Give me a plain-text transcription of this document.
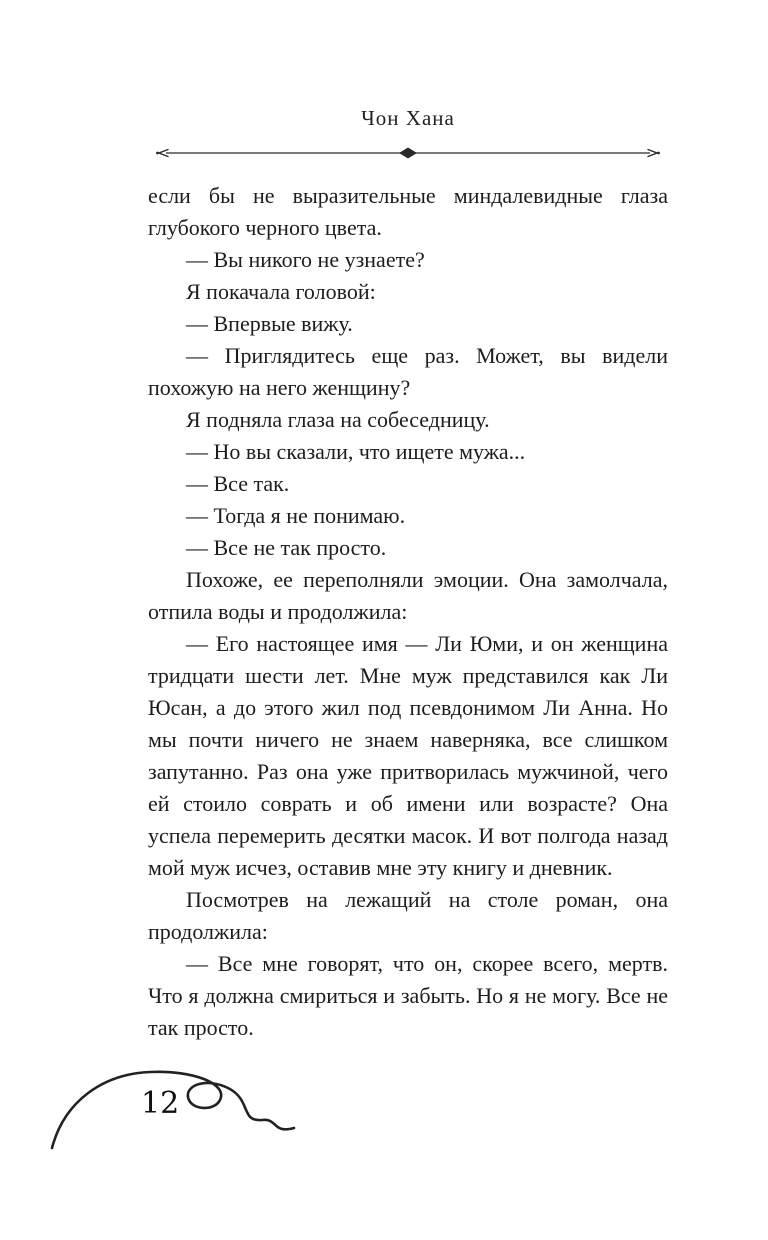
Чон Хана

если бы не выразительные миндалевидные глаза глубокого черного цвета.

— Вы никого не узнаете?

Я покачала головой:

— Впервые вижу.

— Приглядитесь еще раз. Может, вы видели похожую на него женщину?

Я подняла глаза на собеседницу.

— Но вы сказали, что ищете мужа...

— Все так.

— Тогда я не понимаю.

— Все не так просто.

Похоже, ее переполняли эмоции. Она замолчала, отпила воды и продолжила:

— Его настоящее имя — Ли Юми, и он женщина тридцати шести лет. Мне муж представился как Ли Юсан, а до этого жил под псевдонимом Ли Анна. Но мы почти ничего не знаем наверняка, все слишком запутанно. Раз она уже притворилась мужчиной, чего ей стоило соврать и об имени или возрасте? Она успела перемерить десятки масок. И вот полгода назад мой муж исчез, оставив мне эту книгу и дневник.

Посмотрев на лежащий на столе роман, она продолжила:

— Все мне говорят, что он, скорее всего, мертв. Что я должна смириться и забыть. Но я не могу. Все не так просто.

12
